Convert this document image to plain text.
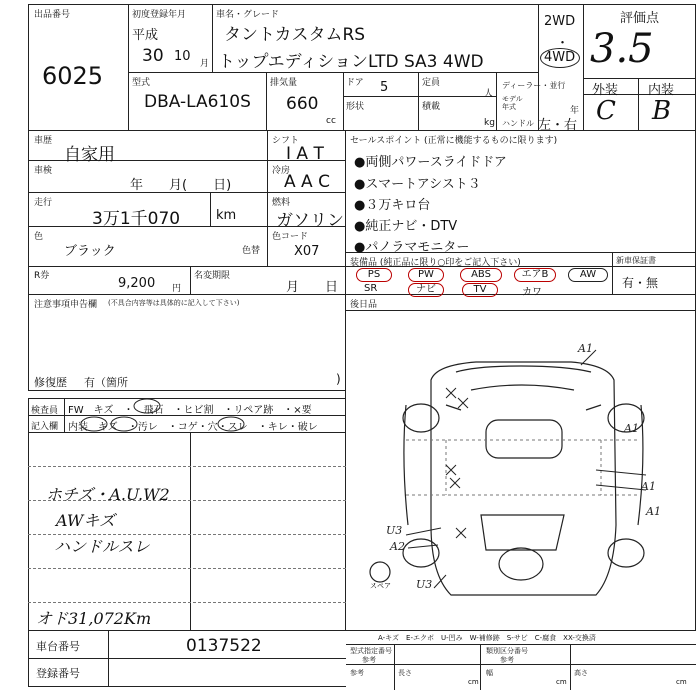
出品番号
6025
初度登録年月
平成
30 10 月
車名・グレード
タントカスタムRS
トップエディションLTD SA3 4WD
2WD
・
4WD
評価点
3.5
外装 内装
C B
型式
DBA-LA610S
排気量
660
cc
ドア 5
形状
定員
人
積載
kg
ディーラー・並行
モデル年式	年
ハンドル 左・右
車歴
自家用
シフト
I A T
車検
年　　月(　　日)
冷房
A A C
走行
3万1千070	km
燃料
ガソリン
色
ブラック	色替
色コード
X07
R券	9,200 円
名変期限
月　　日
注意事項申告欄 (不具合内容等は具体的に記入して下さい)
修復歴 有（箇所	)
セールスポイント (正常に機能するものに限ります)
●両側パワースライドドア
●スマートアシスト３
●３万キロ台
●純正ナビ・DTV
●パノラマモニター
装備品 (純正品に限り○印をご記入下さい)
PS	PW	ABS	エアB	AW
SR	ナビ	TV	カワ
新車保証書
有・無
後日品
検査員 FW　キズ　・　飛石　・ヒビ割　・リペア跡　・×要
記入欄 内装　キズ　・汚レ　・コゲ・穴・スレ　・キレ・破レ
ホチズ・A.U.W2
AWキズ
ハンドルスレ
オド31,072Km
A1
A1
A1
A1
U3
A2
U3
スペア
A-キズ　E-エクボ　U-凹み　W-補修跡　S-サビ　C-腐食　XX-交換済
車台番号	0137522
登録番号
型式指定番号
参考
類別区分番号
参考
参考	長さ	幅	高さ
cm	cm	cm
